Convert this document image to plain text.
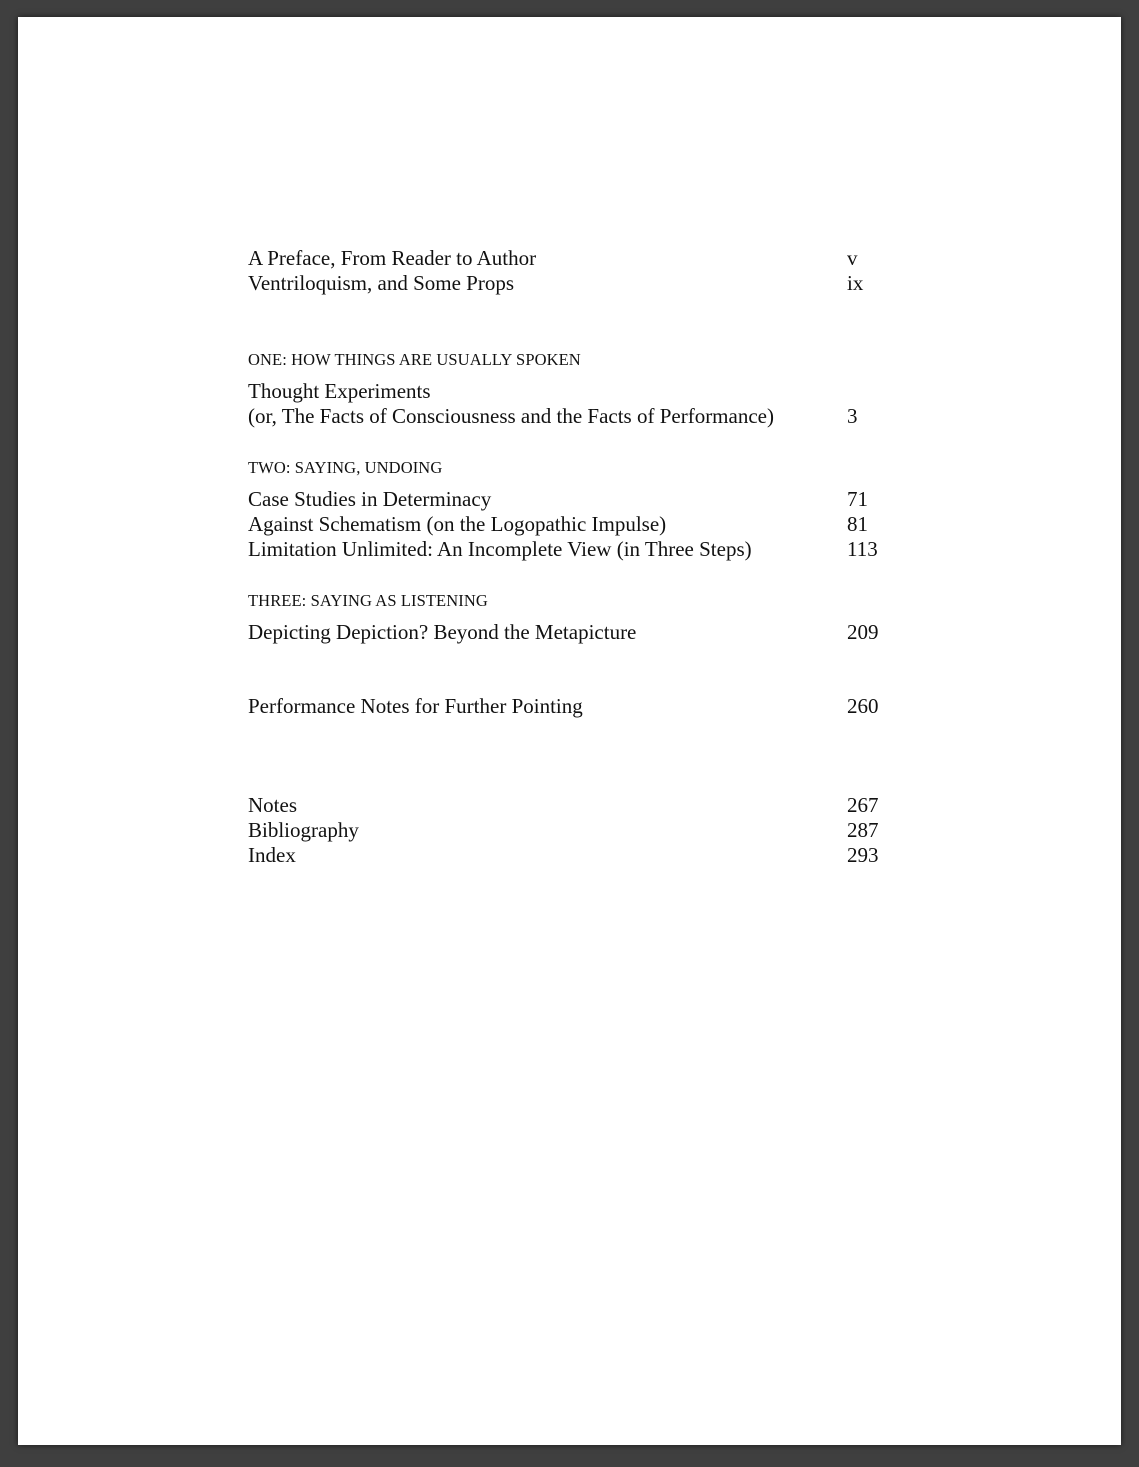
A Preface, From Reader to Author	v
Ventriloquism, and Some Props	ix
ONE: HOW THINGS ARE USUALLY SPOKEN
Thought Experiments
(or, The Facts of Consciousness and the Facts of Performance)	3
TWO: SAYING, UNDOING
Case Studies in Determinacy	71
Against Schematism (on the Logopathic Impulse)	81
Limitation Unlimited: An Incomplete View (in Three Steps)	113
THREE: SAYING AS LISTENING
Depicting Depiction? Beyond the Metapicture	209
Performance Notes for Further Pointing	260
Notes	267
Bibliography	287
Index	293
